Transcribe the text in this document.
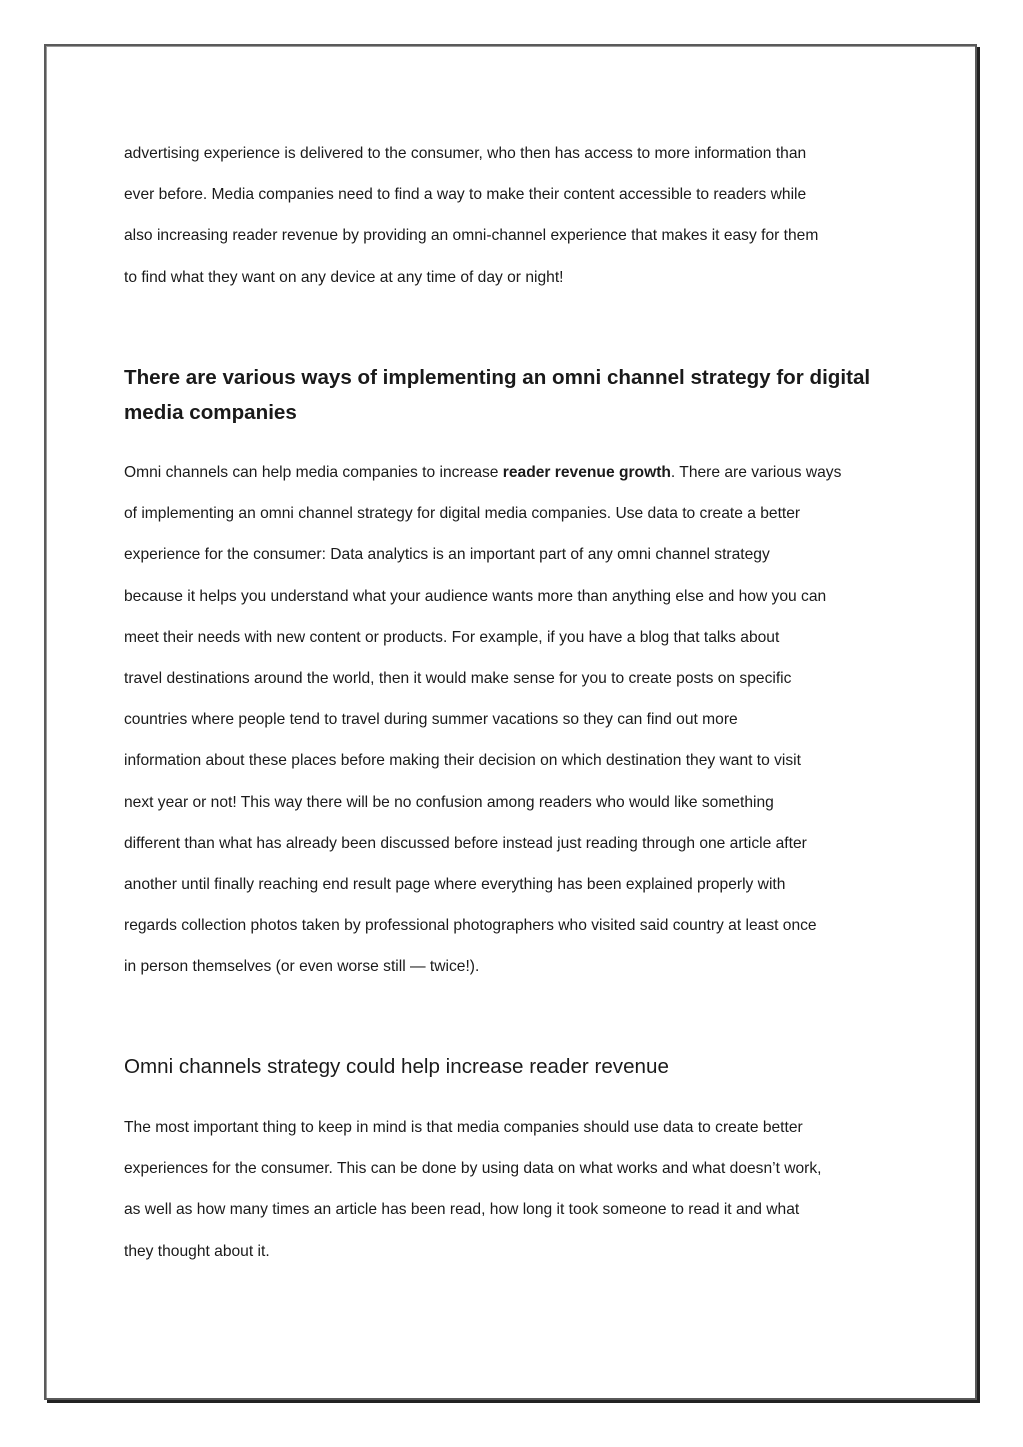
advertising experience is delivered to the consumer, who then has access to more information than
ever before. Media companies need to find a way to make their content accessible to readers while
also increasing reader revenue by providing an omni-channel experience that makes it easy for them
to find what they want on any device at any time of day or night!

There are various ways of implementing an omni channel strategy for digital
media companies

Omni channels can help media companies to increase reader revenue growth. There are various ways
of implementing an omni channel strategy for digital media companies. Use data to create a better
experience for the consumer: Data analytics is an important part of any omni channel strategy
because it helps you understand what your audience wants more than anything else and how you can
meet their needs with new content or products. For example, if you have a blog that talks about
travel destinations around the world, then it would make sense for you to create posts on specific
countries where people tend to travel during summer vacations so they can find out more
information about these places before making their decision on which destination they want to visit
next year or not! This way there will be no confusion among readers who would like something
different than what has already been discussed before instead just reading through one article after
another until finally reaching end result page where everything has been explained properly with
regards collection photos taken by professional photographers who visited said country at least once
in person themselves (or even worse still — twice!).

Omni channels strategy could help increase reader revenue

The most important thing to keep in mind is that media companies should use data to create better
experiences for the consumer. This can be done by using data on what works and what doesn’t work,
as well as how many times an article has been read, how long it took someone to read it and what
they thought about it.
